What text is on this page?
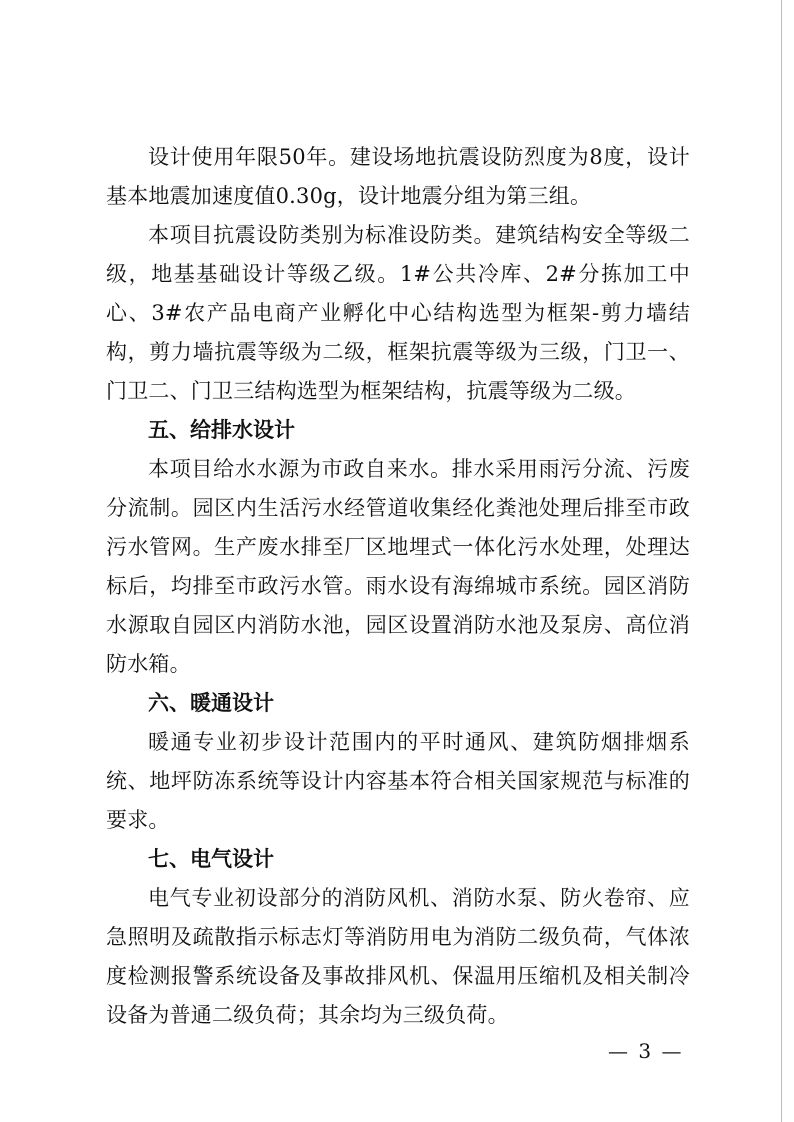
设计使用年限50年。建设场地抗震设防烈度为8度，设计基本地震加速度值0.30g，设计地震分组为第三组。

本项目抗震设防类别为标准设防类。建筑结构安全等级二级，地基基础设计等级乙级。1#公共冷库、2#分拣加工中心、3#农产品电商产业孵化中心结构选型为框架-剪力墙结构，剪力墙抗震等级为二级，框架抗震等级为三级，门卫一、门卫二、门卫三结构选型为框架结构，抗震等级为二级。

五、给排水设计

本项目给水水源为市政自来水。排水采用雨污分流、污废分流制。园区内生活污水经管道收集经化粪池处理后排至市政污水管网。生产废水排至厂区地埋式一体化污水处理，处理达标后，均排至市政污水管。雨水设有海绵城市系统。园区消防水源取自园区内消防水池，园区设置消防水池及泵房、高位消防水箱。

六、暖通设计

暖通专业初步设计范围内的平时通风、建筑防烟排烟系统、地坪防冻系统等设计内容基本符合相关国家规范与标准的要求。

七、电气设计

电气专业初设部分的消防风机、消防水泵、防火卷帘、应急照明及疏散指示标志灯等消防用电为消防二级负荷，气体浓度检测报警系统设备及事故排风机、保温用压缩机及相关制冷设备为普通二级负荷；其余均为三级负荷。

— 3 —
